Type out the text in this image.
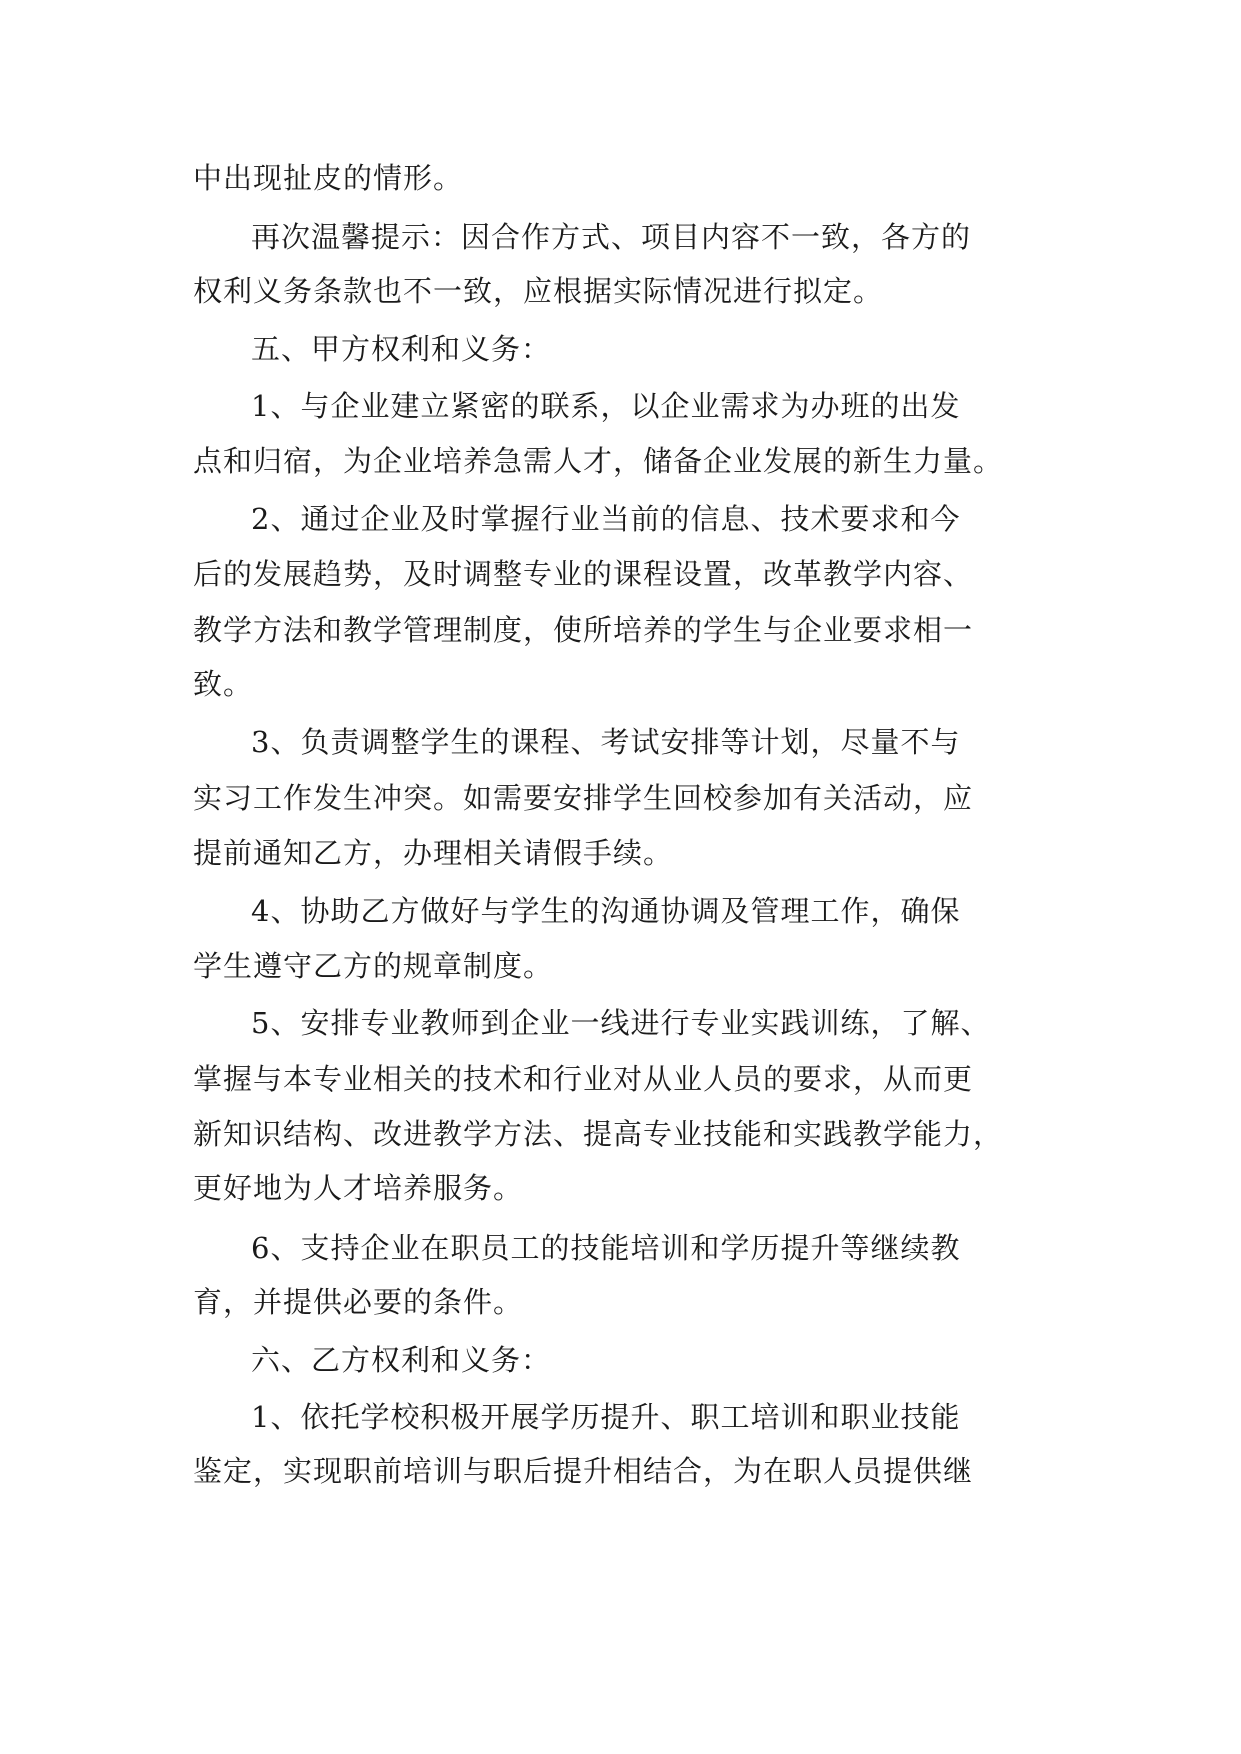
中出现扯皮的情形。
再次温馨提示：因合作方式、项目内容不一致，各方的
权利义务条款也不一致，应根据实际情况进行拟定。
五、甲方权利和义务：
1、与企业建立紧密的联系，以企业需求为办班的出发
点和归宿，为企业培养急需人才，储备企业发展的新生力量。
2、通过企业及时掌握行业当前的信息、技术要求和今
后的发展趋势，及时调整专业的课程设置，改革教学内容、
教学方法和教学管理制度，使所培养的学生与企业要求相一
致。
3、负责调整学生的课程、考试安排等计划，尽量不与
实习工作发生冲突。如需要安排学生回校参加有关活动，应
提前通知乙方，办理相关请假手续。
4、协助乙方做好与学生的沟通协调及管理工作，确保
学生遵守乙方的规章制度。
5、安排专业教师到企业一线进行专业实践训练，了解、
掌握与本专业相关的技术和行业对从业人员的要求，从而更
新知识结构、改进教学方法、提高专业技能和实践教学能力，
更好地为人才培养服务。
6、支持企业在职员工的技能培训和学历提升等继续教
育，并提供必要的条件。
六、乙方权利和义务：
1、依托学校积极开展学历提升、职工培训和职业技能
鉴定，实现职前培训与职后提升相结合，为在职人员提供继
